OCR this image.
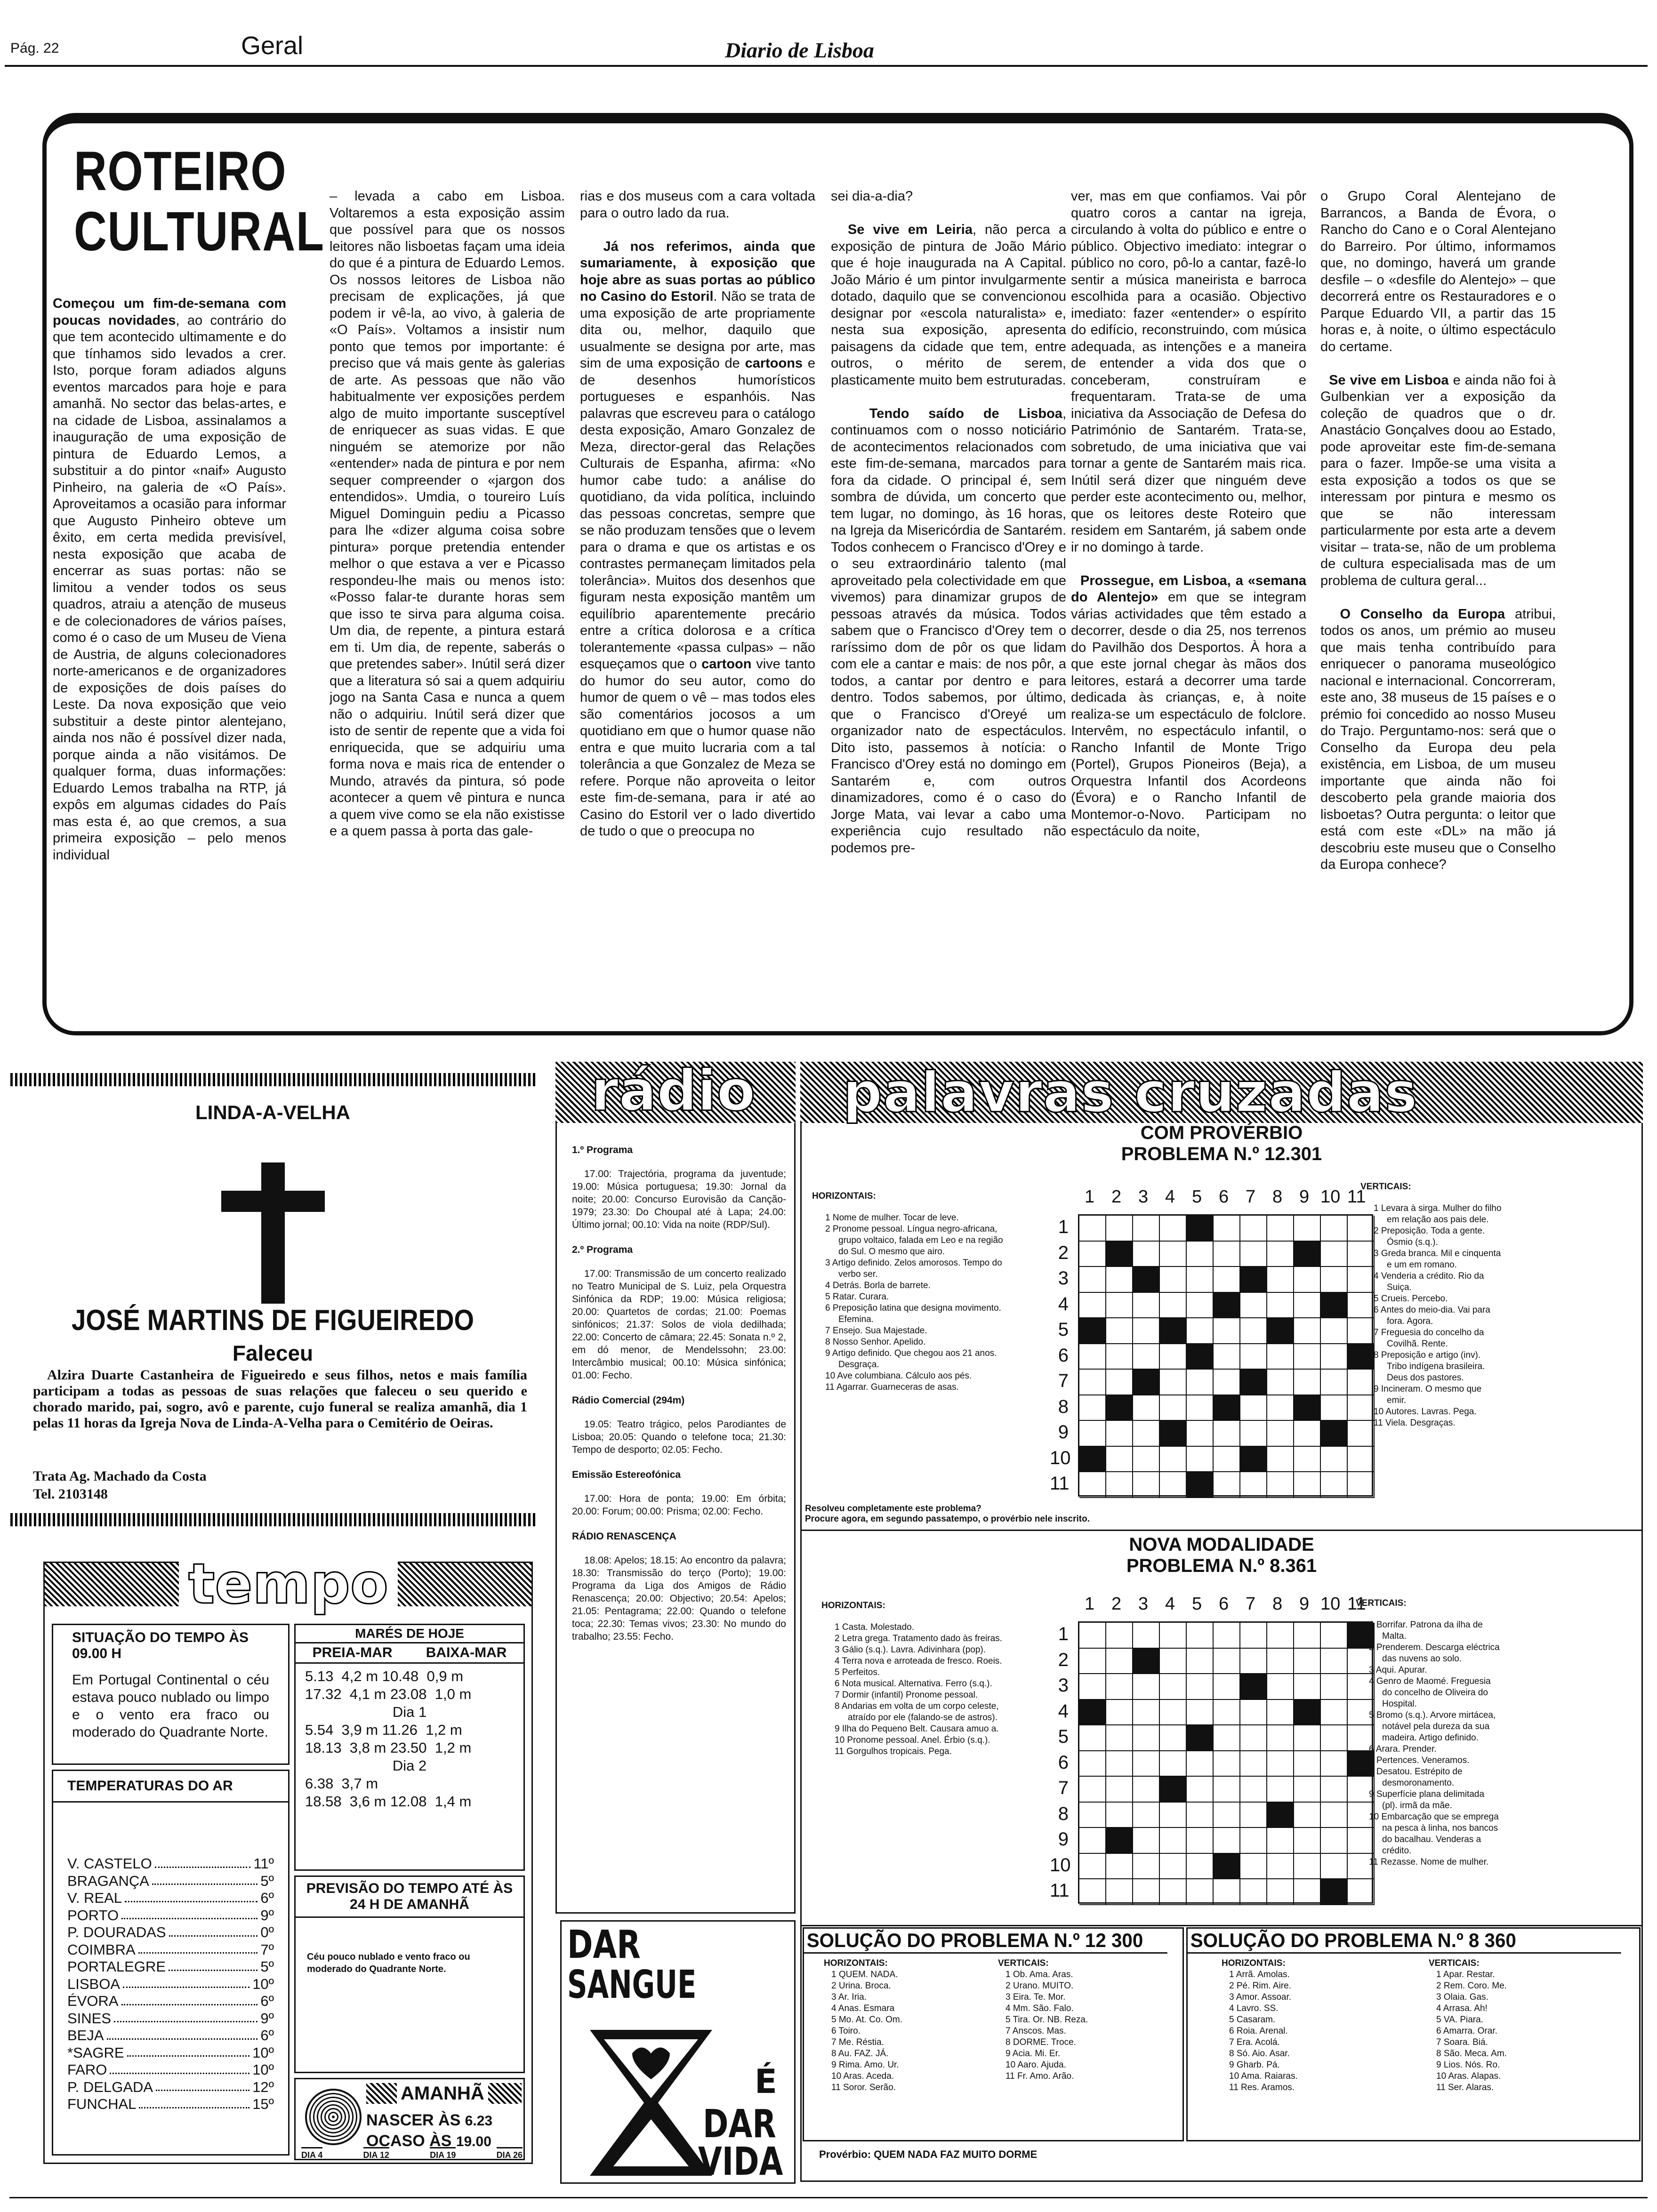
Pág. 22	Geral	Diario de Lisboa
ROTEIRO
CULTURAL
Começou um fim-de-semana com poucas novidades, ao contrário do que tem acontecido ultimamente e do que tínhamos sido levados a crer. Isto, porque foram adiados alguns eventos marcados para hoje e para amanhã. No sector das belas-artes, e na cidade de Lisboa, assinalamos a inauguração de uma exposição de pintura de Eduardo Lemos, a substituir a do pintor «naif» Augusto Pinheiro, na galeria de «O País». Aproveitamos a ocasião para informar que Augusto Pinheiro obteve um êxito, em certa medida previsível, nesta exposição que acaba de encerrar as suas portas: não se limitou a vender todos os seus quadros, atraiu a atenção de museus e de colecionadores de vários países, como é o caso de um Museu de Viena de Austria, de alguns colecionadores norte-americanos e de organizadores de exposições de dois países do Leste. Da nova exposição que veio substituir a deste pintor alentejano, ainda nos não é possível dizer nada, porque ainda a não visitámos. De qualquer forma, duas informações: Eduardo Lemos trabalha na RTP, já expôs em algumas cidades do País mas esta é, ao que cremos, a sua primeira exposição – pelo menos individual
– levada a cabo em Lisboa. Voltaremos a esta exposição assim que possível para que os nossos leitores não lisboetas façam uma ideia do que é a pintura de Eduardo Lemos. Os nossos leitores de Lisboa não precisam de explicações, já que podem ir vê-la, ao vivo, à galeria de «O País». Voltamos a insistir num ponto que temos por importante: é preciso que vá mais gente às galerias de arte. As pessoas que não vão habitualmente ver exposições perdem algo de muito importante susceptível de enriquecer as suas vidas. E que ninguém se atemorize por não «entender» nada de pintura e por nem sequer compreender o «jargon dos entendidos». Umdia, o toureiro Luís Miguel Dominguin pediu a Picasso para lhe «dizer alguma coisa sobre pintura» porque pretendia entender melhor o que estava a ver e Picasso respondeu-lhe mais ou menos isto: «Posso falar-te durante horas sem que isso te sirva para alguma coisa. Um dia, de repente, a pintura estará em ti. Um dia, de repente, saberás o que pretendes saber». Inútil será dizer que a literatura só sai a quem adquiriu jogo na Santa Casa e nunca a quem não o adquiriu. Inútil será dizer que isto de sentir de repente que a vida foi enriquecida, que se adquiriu uma forma nova e mais rica de entender o Mundo, através da pintura, só pode acontecer a quem vê pintura e nunca a quem vive como se ela não existisse e a quem passa à porta das gale-
rias e dos museus com a cara voltada para o outro lado da rua.

Já nos referimos, ainda que sumariamente, à exposição que hoje abre as suas portas ao público no Casino do Estoril. Não se trata de uma exposição de arte propriamente dita ou, melhor, daquilo que usualmente se designa por arte, mas sim de uma exposição de cartoons e de desenhos humorísticos portugueses e espanhóis. Nas palavras que escreveu para o catálogo desta exposição, Amaro Gonzalez de Meza, director-geral das Relações Culturais de Espanha, afirma: «No humor cabe tudo: a análise do quotidiano, da vida política, incluindo das pessoas concretas, sempre que se não produzam tensões que o levem para o drama e que os artistas e os contrastes permaneçam limitados pela tolerância». Muitos dos desenhos que figuram nesta exposição mantêm um equilíbrio aparentemente precário entre a crítica dolorosa e a crítica tolerantemente «passa culpas» – não esqueçamos que o cartoon vive tanto do humor do seu autor, como do humor de quem o vê – mas todos eles são comentários jocosos a um quotidiano em que o humor quase não entra e que muito lucraria com a tal tolerância a que Gonzalez de Meza se refere. Porque não aproveita o leitor este fim-de-semana, para ir até ao Casino do Estoril ver o lado divertido de tudo o que o preocupa no
sei dia-a-dia?

Se vive em Leiria, não perca a exposição de pintura de João Mário que é hoje inaugurada na A Capital. João Mário é um pintor invulgarmente dotado, daquilo que se convencionou designar por «escola naturalista» e, nesta sua exposição, apresenta paisagens da cidade que tem, entre outros, o mérito de serem, plasticamente muito bem estruturadas.

Tendo saído de Lisboa, continuamos com o nosso noticiário de acontecimentos relacionados com este fim-de-semana, marcados para fora da cidade. O principal é, sem sombra de dúvida, um concerto que tem lugar, no domingo, às 16 horas, na Igreja da Misericórdia de Santarém. Todos conhecem o Francisco d'Orey e o seu extraordinário talento (mal aproveitado pela colectividade em que vivemos) para dinamizar grupos de pessoas através da música. Todos sabem que o Francisco d'Orey tem o raríssimo dom de pôr os que lidam com ele a cantar e mais: de nos pôr, a todos, a cantar por dentro e para dentro. Todos sabemos, por último, que o Francisco d'Oreyé um organizador nato de espectáculos. Dito isto, passemos à notícia: o Francisco d'Orey está no domingo em Santarém e, com outros dinamizadores, como é o caso do Jorge Mata, vai levar a cabo uma experiência cujo resultado não podemos pre-
ver, mas em que confiamos. Vai pôr quatro coros a cantar na igreja, circulando à volta do público e entre o público. Objectivo imediato: integrar o público no coro, pô-lo a cantar, fazê-lo sentir a música maneirista e barroca escolhida para a ocasião. Objectivo imediato: fazer «entender» o espírito do edifício, reconstruindo, com música adequada, as intenções e a maneira de entender a vida dos que o conceberam, construíram e frequentaram. Trata-se de uma iniciativa da Associação de Defesa do Património de Santarém. Trata-se, sobretudo, de uma iniciativa que vai tornar a gente de Santarém mais rica. Inútil será dizer que ninguém deve perder este acontecimento ou, melhor, que os leitores deste Roteiro que residem em Santarém, já sabem onde ir no domingo à tarde.

Prossegue, em Lisboa, a «semana do Alentejo» em que se integram várias actividades que têm estado a decorrer, desde o dia 25, nos terrenos do Pavilhão dos Desportos. À hora a que este jornal chegar às mãos dos leitores, estará a decorrer uma tarde dedicada às crianças, e, à noite realiza-se um espectáculo de folclore. Intervêm, no espectáculo infantil, o Rancho Infantil de Monte Trigo (Portel), Grupos Pioneiros (Beja), a Orquestra Infantil dos Acordeons (Évora) e o Rancho Infantil de Montemor-o-Novo. Participam no espectáculo da noite,
o Grupo Coral Alentejano de Barrancos, a Banda de Évora, o Rancho do Cano e o Coral Alentejano do Barreiro. Por último, informamos que, no domingo, haverá um grande desfile – o «desfile do Alentejo» – que decorrerá entre os Restauradores e o Parque Eduardo VII, a partir das 15 horas e, à noite, o último espectáculo do certame.

Se vive em Lisboa e ainda não foi à Gulbenkian ver a exposição da coleção de quadros que o dr. Anastácio Gonçalves doou ao Estado, pode aproveitar este fim-de-semana para o fazer. Impõe-se uma visita a esta exposição a todos os que se interessam por pintura e mesmo os que se não interessam particularmente por esta arte a devem visitar – trata-se, não de um problema de cultura especialisada mas de um problema de cultura geral...

O Conselho da Europa atribui, todos os anos, um prémio ao museu que mais tenha contribuído para enriquecer o panorama museológico nacional e internacional. Concorreram, este ano, 38 museus de 15 países e o prémio foi concedido ao nosso Museu do Trajo. Perguntamo-nos: será que o Conselho da Europa deu pela existência, em Lisboa, de um museu importante que ainda não foi descoberto pela grande maioria dos lisboetas? Outra pergunta: o leitor que está com este «DL» na mão já descobriu este museu que o Conselho da Europa conhece?
LINDA-A-VELHA
JOSÉ MARTINS DE FIGUEIREDO
Faleceu
Alzira Duarte Castanheira de Figueiredo e seus filhos, netos e mais família participam a todas as pessoas de suas relações que faleceu o seu querido e chorado marido, pai, sogro, avô e parente, cujo funeral se realiza amanhã, dia 1 pelas 11 horas da Igreja Nova de Linda-A-Velha para o Cemitério de Oeiras.
Trata Ag. Machado da Costa
Tel. 2103148
tempo
SITUAÇÃO DO TEMPO ÀS 09.00 H
Em Portugal Continental o céu estava pouco nublado ou limpo e o vento era fraco ou moderado do Quadrante Norte.
TEMPERATURAS DO AR
V. CASTELO	11º
BRAGANÇA	5º
V. REAL	6º
PORTO	9º
P. DOURADAS	0º
COIMBRA	7º
PORTALEGRE	5º
LISBOA	10º
ÉVORA	6º
SINES	9º
BEJA	6º
*SAGRE	10º
FARO	10º
P. DELGADA	12º
FUNCHAL	15º
MARÉS DE HOJE
PREIA-MAR BAIXA-MAR
5.13  4,2 m 10.48  0,9 m
17.32  4,1 m 23.08  1,0 m
Dia 1
5.54  3,9 m 11.26  1,2 m
18.13  3,8 m 23.50  1,2 m
Dia 2
6.38  3,7 m
18.58  3,6 m 12.08  1,4 m
PREVISÃO DO TEMPO ATÉ ÀS 24 H DE AMANHÃ
Céu pouco nublado e vento fraco ou moderado do Quadrante Norte.
AMANHÃ
NASCER ÀS 6.23
OCASO ÀS 19.00
DIA 4	DIA 12	DIA 19	DIA 26
rádio
1.º Programa
17.00: Trajectória, programa da juventude; 19.00: Música portuguesa; 19.30: Jornal da noite; 20.00: Concurso Eurovisão da Canção-1979; 23.30: Do Choupal até à Lapa; 24.00: Último jornal; 00.10: Vida na noite (RDP/Sul).
2.º Programa
17.00: Transmissão de um concerto realizado no Teatro Municipal de S. Luiz, pela Orquestra Sinfónica da RDP; 19.00: Música religiosa; 20.00: Quartetos de cordas; 21.00: Poemas sinfónicos; 21.37: Solos de viola dedilhada; 22.00: Concerto de câmara; 22.45: Sonata n.º 2, em dó menor, de Mendelssohn; 23.00: Intercâmbio musical; 00.10: Música sinfónica; 01.00: Fecho.
Rádio Comercial (294m)
19.05: Teatro trágico, pelos Parodiantes de Lisboa; 20.05: Quando o telefone toca; 21.30: Tempo de desporto; 02.05: Fecho.
Emissão Estereofónica
17.00: Hora de ponta; 19.00: Em órbita; 20.00: Forum; 00.00: Prisma; 02.00: Fecho.
RÁDIO RENASCENÇA
18.08: Apelos; 18.15: Ao encontro da palavra; 18.30: Transmissão do terço (Porto); 19.00: Programa da Liga dos Amigos de Rádio Renascença; 20.00: Objectivo; 20.54: Apelos; 21.05: Pentagrama; 22.00: Quando o telefone toca; 22.30: Temas vivos; 23.30: No mundo do trabalho; 23.55: Fecho.
DAR
SANGUE
É
DAR
VIDA
palavras cruzadas
COM PROVÉRBIO
PROBLEMA N.º 12.301
HORIZONTAIS:
1 Nome de mulher. Tocar de leve.
2 Pronome pessoal. Língua negro-africana, grupo voltaico, falada em Leo e na região do Sul. O mesmo que airo.
3 Artigo definido. Zelos amorosos. Tempo do verbo ser.
4 Detrás. Borla de barrete.
5 Ratar. Curara.
6 Preposição latina que designa movimento. Efemina.
7 Ensejo. Sua Majestade.
8 Nosso Senhor. Apelido.
9 Artigo definido. Que chegou aos 21 anos. Desgraça.
10 Ave columbiana. Cálculo aos pés.
11 Agarrar. Guarneceras de asas.
1 2 3 4 5 6 7 8 9 10 11
1
2
3
4
5
6
7
8
9
10
11
VERTICAIS:
1 Levara à sirga. Mulher do filho em relação aos pais dele.
2 Preposição. Toda a gente. Ósmio (s.q.).
3 Greda branca. Mil e cinquenta e um em romano.
4 Venderia a crédito. Rio da Suiça.
5 Crueis. Percebo.
6 Antes do meio-dia. Vai para fora. Agora.
7 Freguesia do concelho da Covilhã. Rente.
8 Preposição e artigo (inv). Tribo indígena brasileira. Deus dos pastores.
9 Incineram. O mesmo que emir.
10 Autores. Lavras. Pega.
11 Viela. Desgraças.
Resolveu completamente este problema?
Procure agora, em segundo passatempo, o provérbio nele inscrito.
NOVA MODALIDADE
PROBLEMA N.º 8.361
HORIZONTAIS:
1 Casta. Molestado.
2 Letra grega. Tratamento dado às freiras.
3 Gálio (s.q.). Lavra. Adivinhara (pop).
4 Terra nova e arroteada de fresco. Roeis.
5 Perfeitos.
6 Nota musical. Alternativa. Ferro (s.q.).
7 Dormir (infantil) Pronome pessoal.
8 Andarias em volta de um corpo celeste, atraído por ele (falando-se de astros).
9 Ilha do Pequeno Belt. Causara amuo a.
10 Pronome pessoal. Anel. Érbio (s.q.).
11 Gorgulhos tropicais. Pega.
1 2 3 4 5 6 7 8 9 10 11
1
2
3
4
5
6
7
8
9
10
11
VERTICAIS:
1 Borrifar. Patrona da ilha de Malta.
2 Prenderem. Descarga eléctrica das nuvens ao solo.
3 Aqui. Apurar.
4 Genro de Maomé. Freguesia do concelho de Oliveira do Hospital.
5 Bromo (s.q.). Arvore mirtácea, notável pela dureza da sua madeira. Artigo definido.
6 Arara. Prender.
7 Pertences. Veneramos.
8 Desatou. Estrépito de desmoronamento.
9 Superfície plana delimitada (pl). irmã da mãe.
10 Embarcação que se emprega na pesca à linha, nos bancos do bacalhau. Venderas a crédito.
11 Rezasse. Nome de mulher.
SOLUÇÃO DO PROBLEMA N.º 12 300
HORIZONTAIS:
1 QUEM. NADA.
2 Urina. Broca.
3 Ar. Iria.
4 Anas. Esmara
5 Mo. At. Co. Om.
6 Toiro.
7 Me. Réstia.
8 Au. FAZ. JÁ.
9 Rima. Amo. Ur.
10 Aras. Aceda.
11 Soror. Serão.
VERTICAIS:
1 Ob. Ama. Aras.
2 Urano. MUITO.
3 Eira. Te. Mor.
4 Mm. São. Falo.
5 Tira. Or. NB. Reza.
7 Anscos. Mas.
8 DORME. Troce.
9 Acia. Mi. Er.
10 Aaro. Ajuda.
11 Fr. Amo. Arão.
SOLUÇÃO DO PROBLEMA N.º 8 360
HORIZONTAIS:
1 Arrã. Amolas.
2 Pé. Rim. Aire.
3 Amor. Assoar.
4 Lavro. SS.
5 Casaram.
6 Roia. Arenal.
7 Era. Acolá.
8 Só. Aio. Asar.
9 Gharb. Pá.
10 Ama. Raiaras.
11 Res. Aramos.
VERTICAIS:
1 Apar. Restar.
2 Rem. Coro. Me.
3 Olaia. Gas.
4 Arrasa. Ah!
5 VA. Piara.
6 Amarra. Orar.
7 Soara. Biá.
8 São. Meca. Am.
9 Lios. Nós. Ro.
10 Aras. Alapas.
11 Ser. Alaras.
Provérbio: QUEM NADA FAZ MUITO DORME
